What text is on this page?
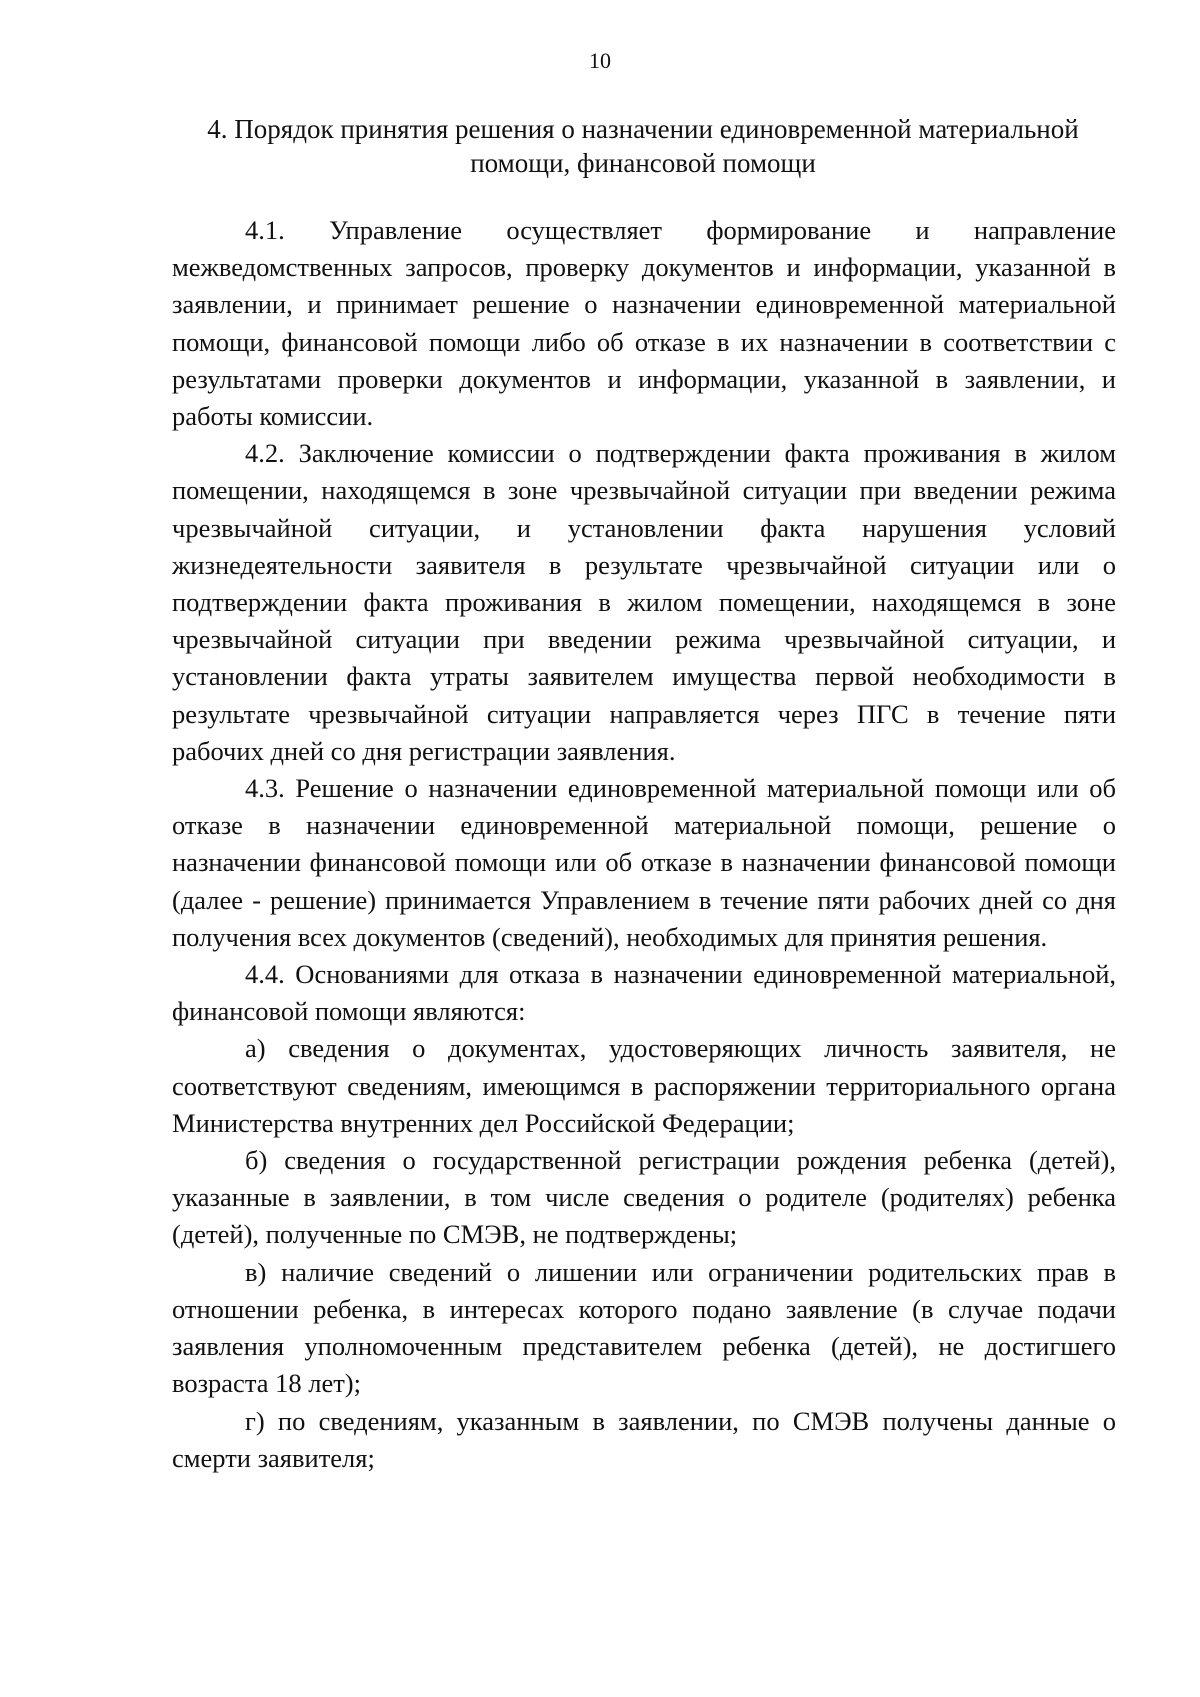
10
4. Порядок принятия решения о назначении единовременной материальной
помощи, финансовой помощи

4.1. Управление осуществляет формирование и направление межведомственных запросов, проверку документов и информации, указанной в заявлении, и принимает решение о назначении единовременной материальной помощи, финансовой помощи либо об отказе в их назначении в соответствии с результатами проверки документов и информации, указанной в заявлении, и работы комиссии.

4.2. Заключение комиссии о подтверждении факта проживания в жилом помещении, находящемся в зоне чрезвычайной ситуации при введении режима чрезвычайной ситуации, и установлении факта нарушения условий жизнедеятельности заявителя в результате чрезвычайной ситуации или о подтверждении факта проживания в жилом помещении, находящемся в зоне чрезвычайной ситуации при введении режима чрезвычайной ситуации, и установлении факта утраты заявителем имущества первой необходимости в результате чрезвычайной ситуации направляется через ПГС в течение пяти рабочих дней со дня регистрации заявления.

4.3. Решение о назначении единовременной материальной помощи или об отказе в назначении единовременной материальной помощи, решение о назначении финансовой помощи или об отказе в назначении финансовой помощи (далее - решение) принимается Управлением в течение пяти рабочих дней со дня получения всех документов (сведений), необходимых для принятия решения.

4.4. Основаниями для отказа в назначении единовременной материальной, финансовой помощи являются:

а) сведения о документах, удостоверяющих личность заявителя, не соответствуют сведениям, имеющимся в распоряжении территориального органа Министерства внутренних дел Российской Федерации;

б) сведения о государственной регистрации рождения ребенка (детей), указанные в заявлении, в том числе сведения о родителе (родителях) ребенка (детей), полученные по СМЭВ, не подтверждены;

в) наличие сведений о лишении или ограничении родительских прав в отношении ребенка, в интересах которого подано заявление (в случае подачи заявления уполномоченным представителем ребенка (детей), не достигшего возраста 18 лет);

г) по сведениям, указанным в заявлении, по СМЭВ получены данные о смерти заявителя;
